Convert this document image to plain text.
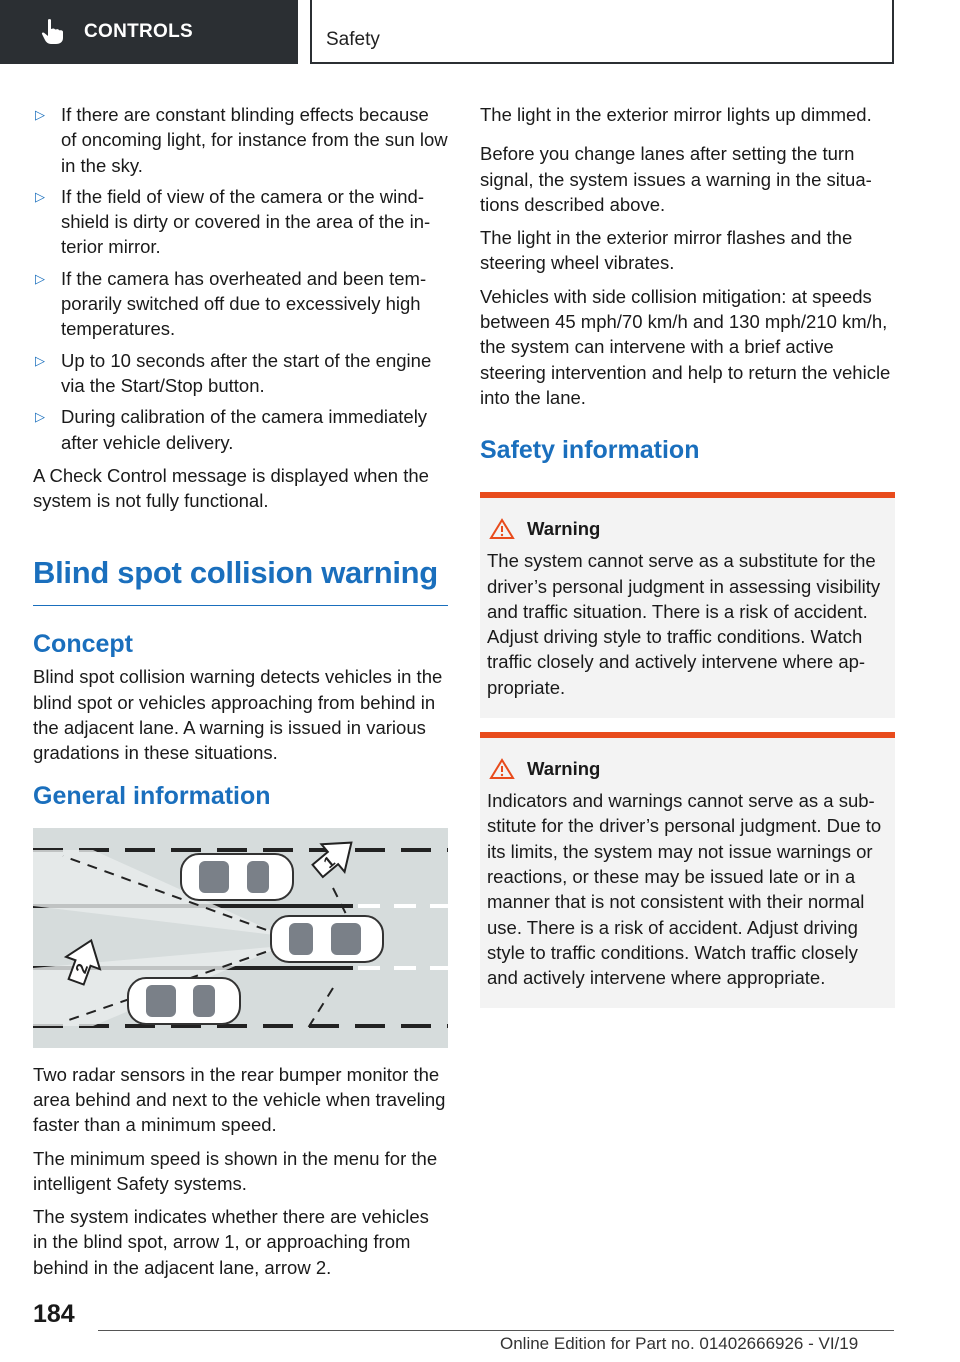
CONTROLS	Safety
▷ If there are constant blinding effects because of oncoming light, for instance from the sun low in the sky.
▷ If the field of view of the camera or the windshield is dirty or covered in the area of the interior mirror.
▷ If the camera has overheated and been temporarily switched off due to excessively high temperatures.
▷ Up to 10 seconds after the start of the engine via the Start/Stop button.
▷ During calibration of the camera immediately after vehicle delivery.

A Check Control message is displayed when the system is not fully functional.

Blind spot collision warning
Concept

Blind spot collision warning detects vehicles in the blind spot or vehicles approaching from behind in the adjacent lane. A warning is issued in various gradations in these situations.

General information
1
2

Two radar sensors in the rear bumper monitor the area behind and next to the vehicle when traveling faster than a minimum speed.

The minimum speed is shown in the menu for the intelligent Safety systems.

The system indicates whether there are vehicles in the blind spot, arrow 1, or approaching from behind in the adjacent lane, arrow 2.

The light in the exterior mirror lights up dimmed.

Before you change lanes after setting the turn signal, the system issues a warning in the situations described above.

The light in the exterior mirror flashes and the steering wheel vibrates.

Vehicles with side collision mitigation: at speeds between 45 mph/70 km/h and 130 mph/210 km/h, the system can intervene with a brief active steering intervention and help to return the vehicle into the lane.

Safety information
Warning

The system cannot serve as a substitute for the driver’s personal judgment in assessing visibility and traffic situation. There is a risk of accident. Adjust driving style to traffic conditions. Watch traffic closely and actively intervene where appropriate.

Warning

Indicators and warnings cannot serve as a substitute for the driver’s personal judgment. Due to its limits, the system may not issue warnings or reactions, or these may be issued late or in a manner that is not consistent with their normal use. There is a risk of accident. Adjust driving style to traffic conditions. Watch traffic closely and actively intervene where appropriate.

184
Online Edition for Part no. 01402666926 - VI/19
